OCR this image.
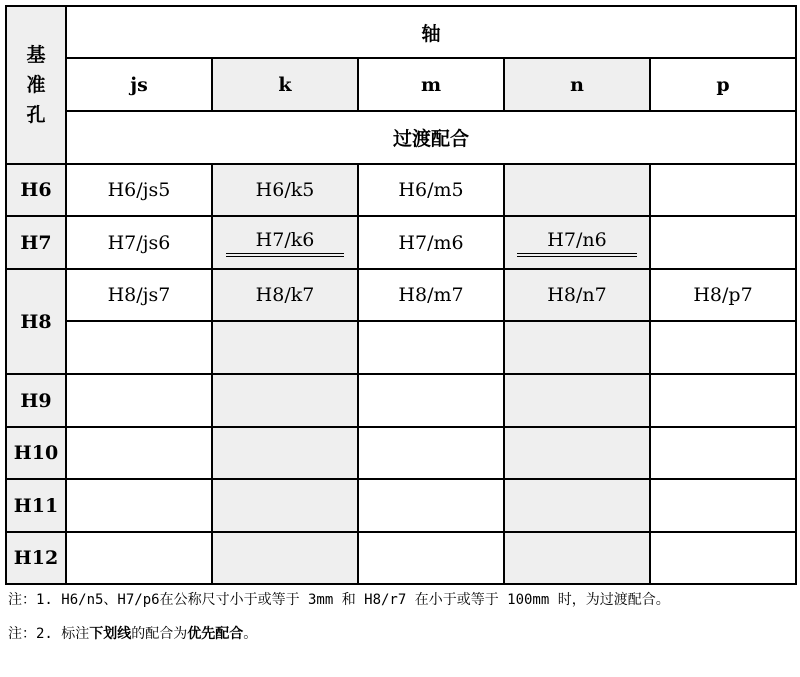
基
准
孔	轴				
	js	k	m	n	p
	过渡配合				
H6	H6/js5	H6/k5	H6/m5		
H7	H7/js6	H7/k6	H7/m6	H7/n6	
H8	H8/js7	H8/k7	H8/m7	H8/n7	H8/p7

H9					
H10					
H11					
H12					

注：1. H6/n5、H7/p6在公称尺寸小于或等于 3mm 和 H8/r7 在小于或等于 100mm 时，为过渡配合。

注：2. 标注下划线的配合为优先配合。
